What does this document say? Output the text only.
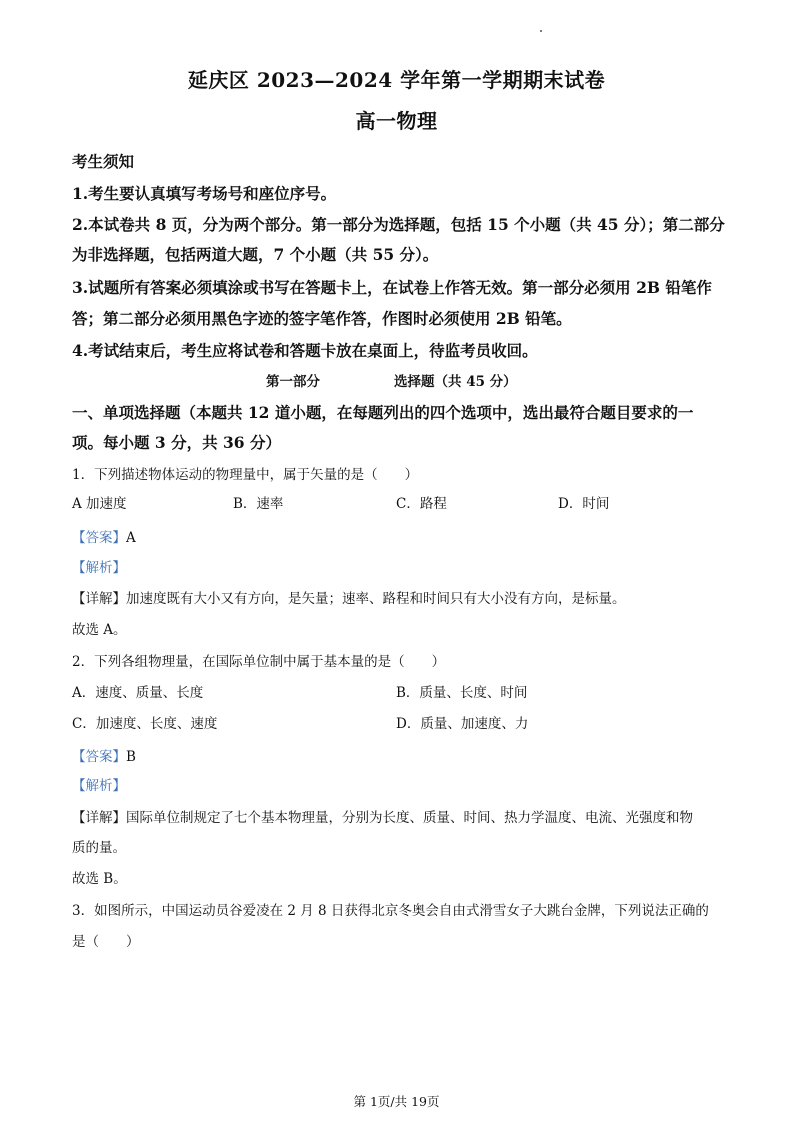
延庆区 2023—2024 学年第一学期期末试卷
高一物理
考生须知
1.考生要认真填写考场号和座位序号。
2.本试卷共 8 页，分为两个部分。第一部分为选择题，包括 15 个小题（共 45 分）；第二部分
为非选择题，包括两道大题，7 个小题（共 55 分）。
3.试题所有答案必须填涂或书写在答题卡上，在试卷上作答无效。第一部分必须用 2B 铅笔作
答；第二部分必须用黑色字迹的签字笔作答，作图时必须使用 2B 铅笔。
4.考试结束后，考生应将试卷和答题卡放在桌面上，待监考员收回。
第一部分	选择题（共 45 分）
一、单项选择题（本题共 12 道小题，在每题列出的四个选项中，选出最符合题目要求的一
项。每小题 3 分，共 36 分）
1．下列描述物体运动的物理量中，属于矢量的是（　　）
A 加速度	B．速率	C．路程	D．时间
【答案】A
【解析】
【详解】加速度既有大小又有方向，是矢量；速率、路程和时间只有大小没有方向，是标量。
故选 A。
2．下列各组物理量，在国际单位制中属于基本量的是（　　）
A．速度、质量、长度	B．质量、长度、时间
C．加速度、长度、速度	D．质量、加速度、力
【答案】B
【解析】
【详解】国际单位制规定了七个基本物理量，分别为长度、质量、时间、热力学温度、电流、光强度和物
质的量。
故选 B。
3．如图所示，中国运动员谷爱凌在 2 月 8 日获得北京冬奥会自由式滑雪女子大跳台金牌，下列说法正确的
是（　　）
第 1页/共 19页
